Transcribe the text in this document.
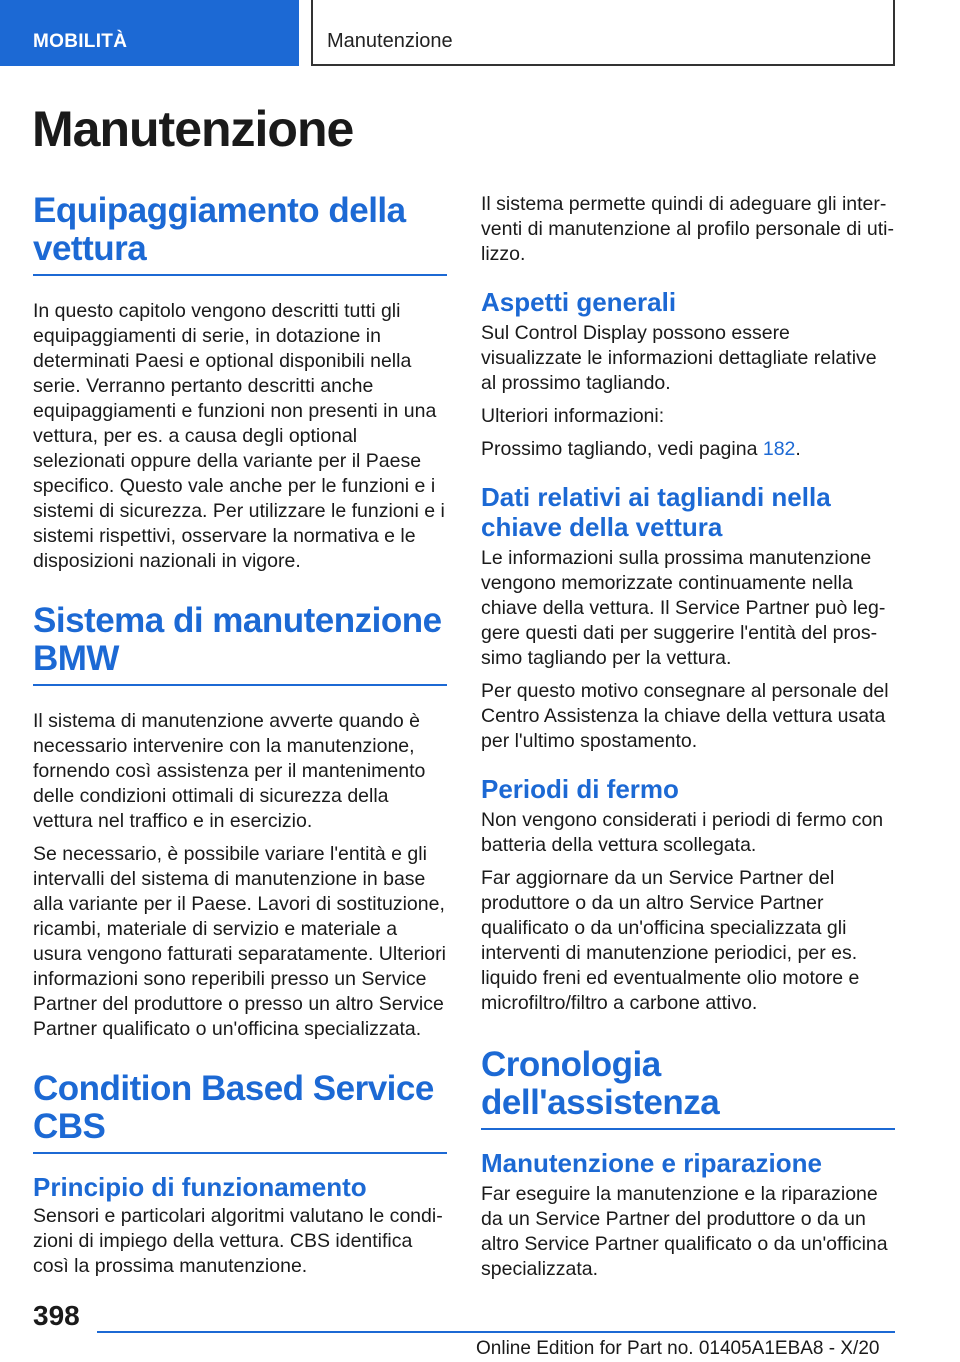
MOBILITÀ	Manutenzione
Manutenzione
Equipaggiamento della vettura

In questo capitolo vengono descritti tutti gli equipaggiamenti di serie, in dotazione in determinati Paesi e optional disponibili nella serie. Verranno pertanto descritti anche equipaggiamenti e funzioni non presenti in una vettura, per es. a causa degli optional selezionati oppure della variante per il Paese specifico. Questo vale anche per le funzioni e i sistemi di sicurezza. Per utilizzare le funzioni e i sistemi rispettivi, osservare la normativa e le disposizioni nazionali in vigore.

Sistema di manutenzione BMW

Il sistema di manutenzione avverte quando è necessario intervenire con la manutenzione, fornendo così assistenza per il mantenimento delle condizioni ottimali di sicurezza della vettura nel traffico e in esercizio.

Se necessario, è possibile variare l'entità e gli intervalli del sistema di manutenzione in base alla variante per il Paese. Lavori di sostituzione, ricambi, materiale di servizio e materiale a usura vengono fatturati separatamente. Ulteriori informazioni sono reperibili presso un Service Partner del produttore o presso un altro Service Partner qualificato o un'officina specializzata.

Condition Based Service CBS
Principio di funzionamento

Sensori e particolari algoritmi valutano le condizioni di impiego della vettura. CBS identifica così la prossima manutenzione.

Il sistema permette quindi di adeguare gli interventi di manutenzione al profilo personale di utilizzo.

Aspetti generali

Sul Control Display possono essere visualizzate le informazioni dettagliate relative al prossimo tagliando.

Ulteriori informazioni:

Prossimo tagliando, vedi pagina 182.

Dati relativi ai tagliandi nella chiave della vettura

Le informazioni sulla prossima manutenzione vengono memorizzate continuamente nella chiave della vettura. Il Service Partner può leggere questi dati per suggerire l'entità del prossimo tagliando per la vettura.

Per questo motivo consegnare al personale del Centro Assistenza la chiave della vettura usata per l'ultimo spostamento.

Periodi di fermo

Non vengono considerati i periodi di fermo con batteria della vettura scollegata.

Far aggiornare da un Service Partner del produttore o da un altro Service Partner qualificato o da un'officina specializzata gli interventi di manutenzione periodici, per es. liquido freni ed eventualmente olio motore e microfiltro/filtro a carbone attivo.

Cronologia dell'assistenza
Manutenzione e riparazione

Far eseguire la manutenzione e la riparazione da un Service Partner del produttore o da un altro Service Partner qualificato o da un'officina specializzata.

398
Online Edition for Part no. 01405A1EBA8 - X/20
